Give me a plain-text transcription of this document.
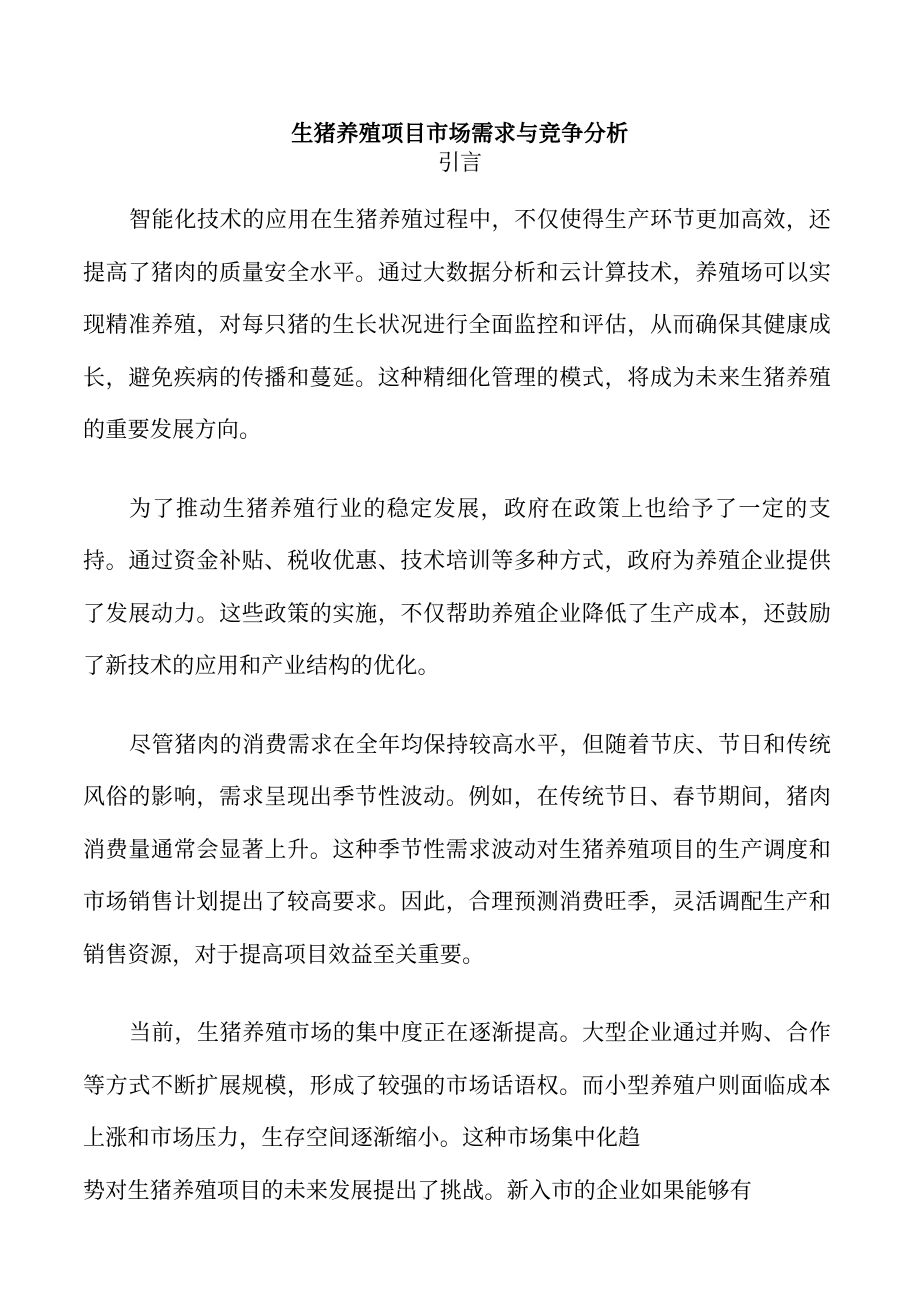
生猪养殖项目市场需求与竞争分析
引言

智能化技术的应用在生猪养殖过程中，不仅使得生产环节更加高效，还提高了猪肉的质量安全水平。通过大数据分析和云计算技术，养殖场可以实现精准养殖，对每只猪的生长状况进行全面监控和评估，从而确保其健康成长，避免疾病的传播和蔓延。这种精细化管理的模式，将成为未来生猪养殖的重要发展方向。

为了推动生猪养殖行业的稳定发展，政府在政策上也给予了一定的支持。通过资金补贴、税收优惠、技术培训等多种方式，政府为养殖企业提供了发展动力。这些政策的实施，不仅帮助养殖企业降低了生产成本，还鼓励了新技术的应用和产业结构的优化。

尽管猪肉的消费需求在全年均保持较高水平，但随着节庆、节日和传统风俗的影响，需求呈现出季节性波动。例如，在传统节日、春节期间，猪肉消费量通常会显著上升。这种季节性需求波动对生猪养殖项目的生产调度和市场销售计划提出了较高要求。因此，合理预测消费旺季，灵活调配生产和销售资源，对于提高项目效益至关重要。

当前，生猪养殖市场的集中度正在逐渐提高。大型企业通过并购、合作等方式不断扩展规模，形成了较强的市场话语权。而小型养殖户则面临成本上涨和市场压力，生存空间逐渐缩小。这种市场集中化趋

势对生猪养殖项目的未来发展提出了挑战。新入市的企业如果能够有
